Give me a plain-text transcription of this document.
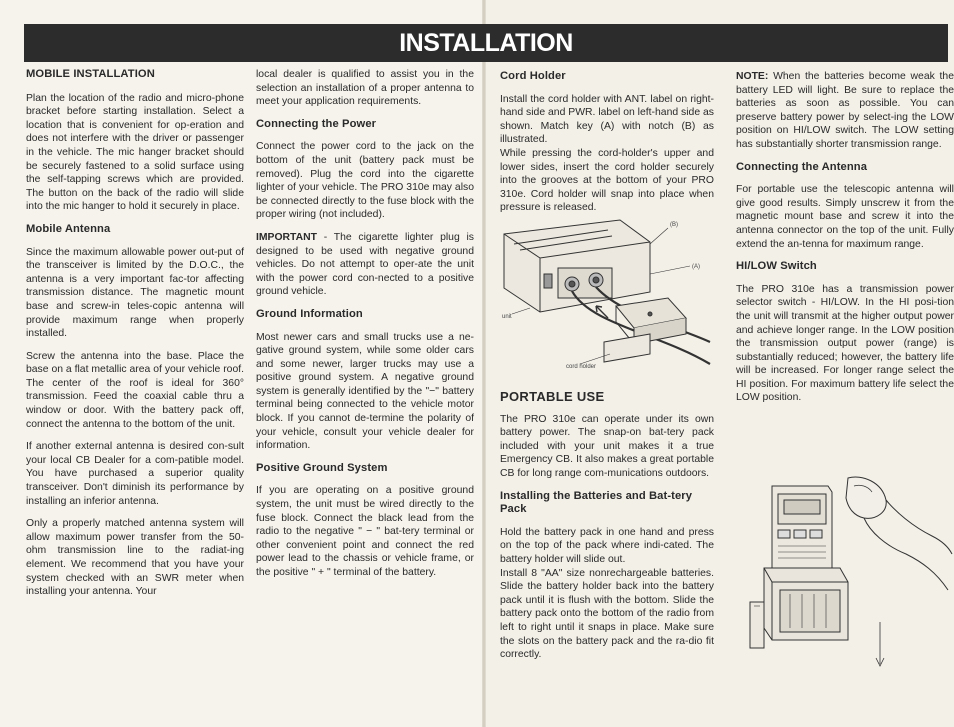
INSTALLATION
MOBILE INSTALLATION

Plan the location of the radio and micro-phone bracket before starting installation. Select a location that is convenient for op-eration and does not interfere with the driver or passenger in the vehicle. The mic hanger bracket should be securely fastened to a solid surface using the self-tapping screws which are provided. The button on the back of the radio will slide into the mic hanger to hold it securely in place.

Mobile Antenna

Since the maximum allowable power out-put of the transceiver is limited by the D.O.C., the antenna is a very important fac-tor affecting transmission distance. The magnetic mount base and screw-in teles-copic antenna will provide maximum range when properly installed.

Screw the antenna into the base. Place the base on a flat metallic area of your vehicle roof. The center of the roof is ideal for 360° transmission. Feed the coaxial cable thru a window or door. With the battery pack off, connect the antenna to the bottom of the unit.

If another external antenna is desired con-sult your local CB Dealer for a com-patible model. You have purchased a superior quality transceiver. Don't diminish its performance by installing an inferior antenna.

Only a properly matched antenna system will allow maximum power transfer from the 50-ohm transmission line to the radiat-ing element. We recommend that you have your system checked with an SWR meter when installing your antenna. Your

local dealer is qualified to assist you in the selection an installation of a proper antenna to meet your application requirements.

Connecting the Power

Connect the power cord to the jack on the bottom of the unit (battery pack must be removed). Plug the cord into the cigarette lighter of your vehicle. The PRO 310e may also be connected directly to the fuse block with the proper wiring (not included).

IMPORTANT - The cigarette lighter plug is designed to be used with negative ground vehicles. Do not attempt to oper-ate the unit with the power cord con-nected to a positive ground vehicle.

Ground Information

Most newer cars and small trucks use a ne-gative ground system, while some older cars and some newer, larger trucks may use a positive ground system. A negative ground system is generally identified by the "−" battery terminal being connected to the vehicle motor block. If you cannot de-termine the polarity of your vehicle, consult your vehicle dealer for information.

Positive Ground System

If you are operating on a positive ground system, the unit must be wired directly to the fuse block. Connect the black lead from the radio to the negative " − " bat-tery terminal or other convenient point and connect the red power lead to the chassis or vehicle frame, or the positive " + " terminal of the battery.

Cord Holder

Install the cord holder with ANT. label on right-hand side and PWR. label on left-hand side as shown. Match key (A) with notch (B) as illustrated.

While pressing the cord-holder's upper and lower sides, insert the cord holder securely into the grooves at the bottom of your PRO 310e. Cord holder will snap into place when pressure is released.

PORTABLE USE

The PRO 310e can operate under its own battery power. The snap-on bat-tery pack included with your unit makes it a true Emergency CB. It also makes a great portable CB for long range com-munications outdoors.

Installing the Batteries and Bat-tery Pack

Hold the battery pack in one hand and press on the top of the pack where indi-cated. The battery holder will slide out.

Install 8 "AA" size nonrechargeable batteries. Slide the battery holder back into the battery pack until it is flush with the bottom. Slide the battery pack onto the bottom of the radio from left to right until it snaps in place. Make sure the slots on the battery pack and the ra-dio fit correctly.

(B)
(A)
unit
cord holder

NOTE: When the batteries become weak the battery LED will light. Be sure to replace the batteries as soon as possible. You can preserve battery power by select-ing the LOW position on HI/LOW switch. The LOW setting has substantially shorter transmission range.

Connecting the Antenna

For portable use the telescopic antenna will give good results. Simply unscrew it from the magnetic mount base and screw it into the antenna connector on the top of the unit. Fully extend the an-tenna for maximum range.

HI/LOW Switch

The PRO 310e has a transmission power selector switch - HI/LOW. In the HI posi-tion the unit will transmit at the higher output power and achieve longer range. In the LOW position the transmission output power (range) is substantially reduced; however, the battery life will be increased. For longer range select the HI position. For maximum battery life select the LOW position.
